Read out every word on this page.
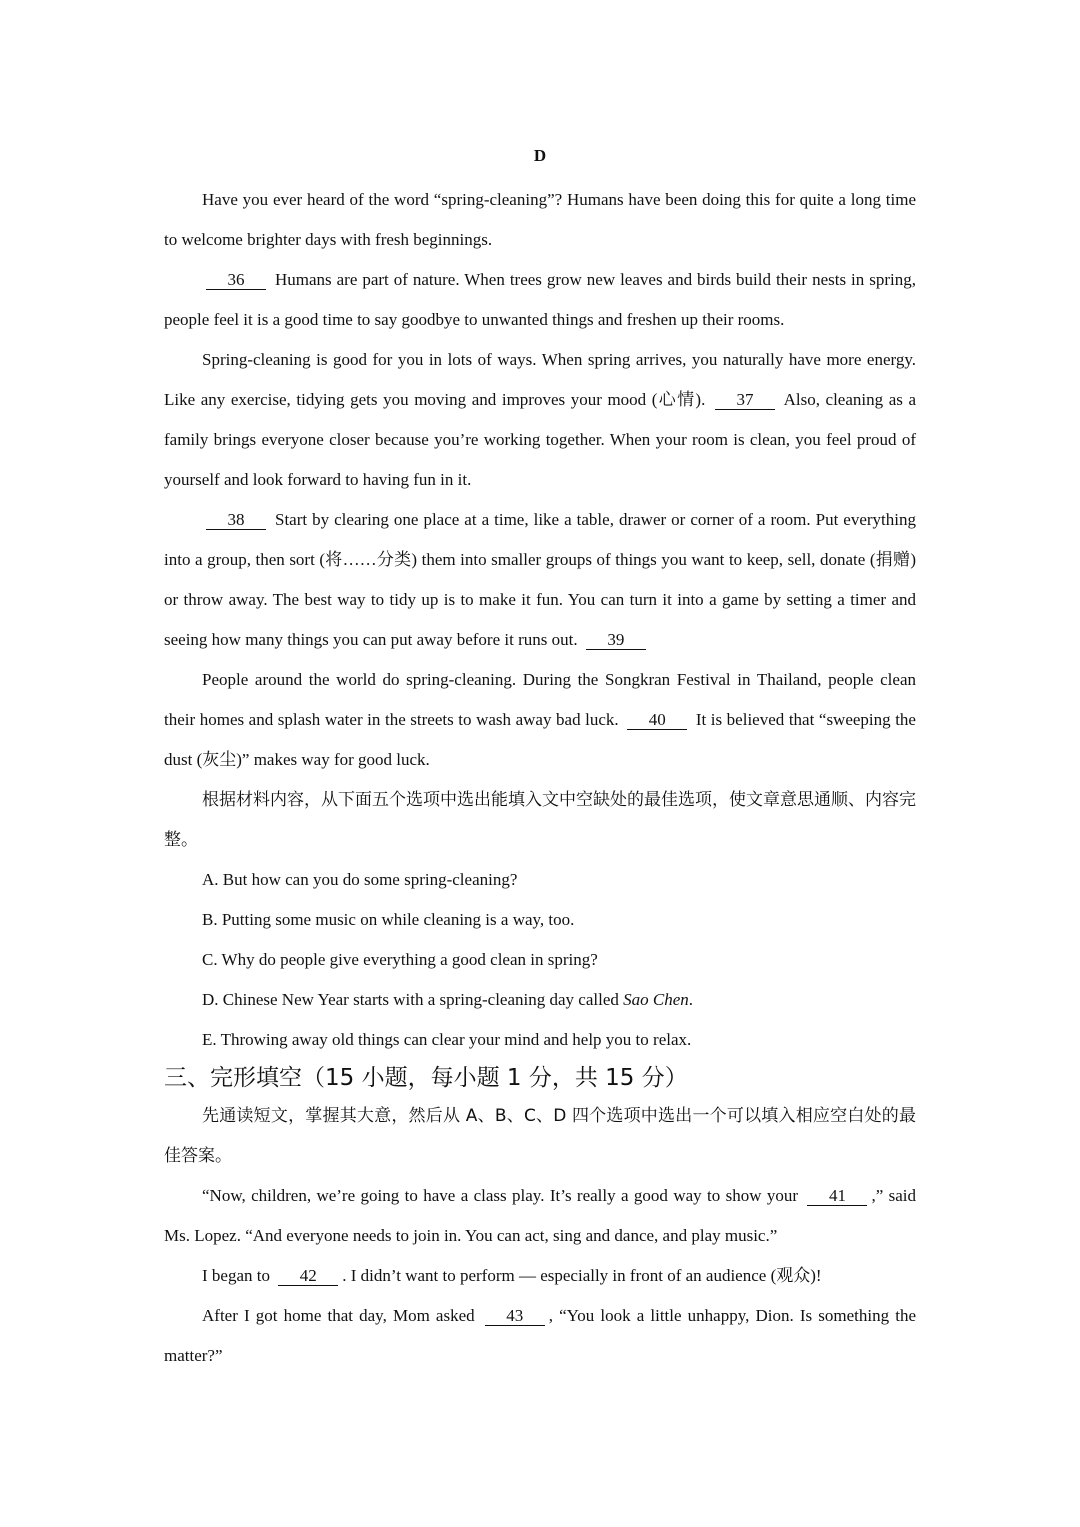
D

Have you ever heard of the word “spring-cleaning”? Humans have been doing this for quite a long time to welcome brighter days with fresh beginnings.

36 Humans are part of nature. When trees grow new leaves and birds build their nests in spring, people feel it is a good time to say goodbye to unwanted things and freshen up their rooms.

Spring-cleaning is good for you in lots of ways. When spring arrives, you naturally have more energy. Like any exercise, tidying gets you moving and improves your mood (心情). 37 Also, cleaning as a family brings everyone closer because you’re working together. When your room is clean, you feel proud of yourself and look forward to having fun in it.

38 Start by clearing one place at a time, like a table, drawer or corner of a room. Put everything into a group, then sort (将……分类) them into smaller groups of things you want to keep, sell, donate (捐赠) or throw away. The best way to tidy up is to make it fun. You can turn it into a game by setting a timer and seeing how many things you can put away before it runs out. 39

People around the world do spring-cleaning. During the Songkran Festival in Thailand, people clean their homes and splash water in the streets to wash away bad luck. 40 It is believed that “sweeping the dust (灰尘)” makes way for good luck.

根据材料内容，从下面五个选项中选出能填入文中空缺处的最佳选项，使文章意思通顺、内容完整。

A. But how can you do some spring-cleaning?

B. Putting some music on while cleaning is a way, too.

C. Why do people give everything a good clean in spring?

D. Chinese New Year starts with a spring-cleaning day called Sao Chen.

E. Throwing away old things can clear your mind and help you to relax.

三、完形填空（15 小题，每小题 1 分，共 15 分）

先通读短文，掌握其大意，然后从 A、B、C、D 四个选项中选出一个可以填入相应空白处的最佳答案。

“Now, children, we’re going to have a class play. It’s really a good way to show your 41 ,” said Ms. Lopez. “And everyone needs to join in. You can act, sing and dance, and play music.”

I began to 42 . I didn’t want to perform — especially in front of an audience (观众)!

After I got home that day, Mom asked 43 , “You look a little unhappy, Dion. Is something the matter?”
